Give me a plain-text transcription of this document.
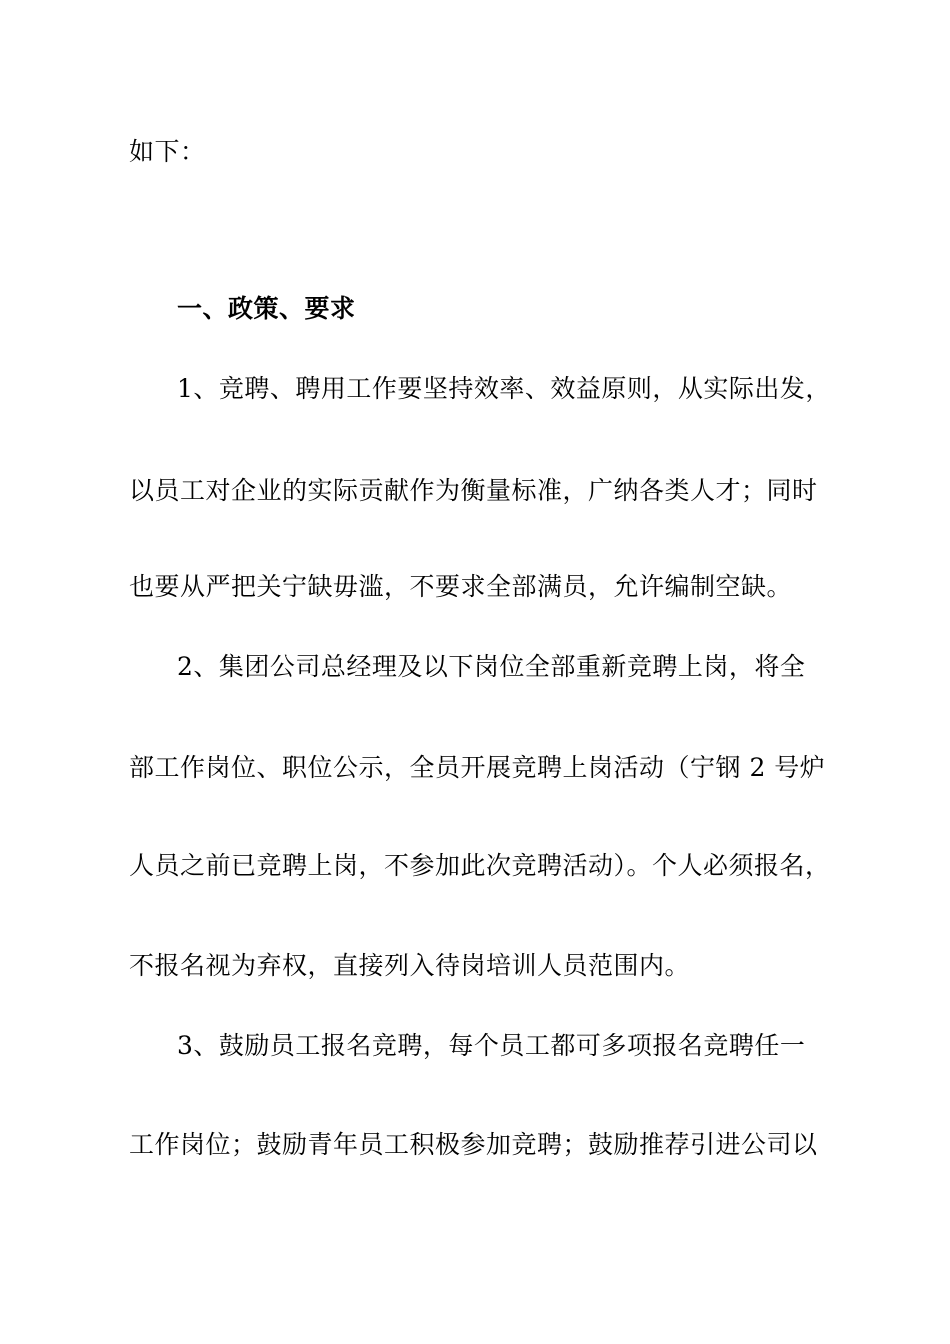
如下：
一、政策、要求
1、竞聘、聘用工作要坚持效率、效益原则，从实际出发，
以员工对企业的实际贡献作为衡量标准，广纳各类人才；同时
也要从严把关宁缺毋滥，不要求全部满员，允许编制空缺。
2、集团公司总经理及以下岗位全部重新竞聘上岗，将全
部工作岗位、职位公示，全员开展竞聘上岗活动（宁钢 2 号炉
人员之前已竞聘上岗，不参加此次竞聘活动）。个人必须报名，
不报名视为弃权，直接列入待岗培训人员范围内。
3、鼓励员工报名竞聘，每个员工都可多项报名竞聘任一
工作岗位；鼓励青年员工积极参加竞聘；鼓励推荐引进公司以
